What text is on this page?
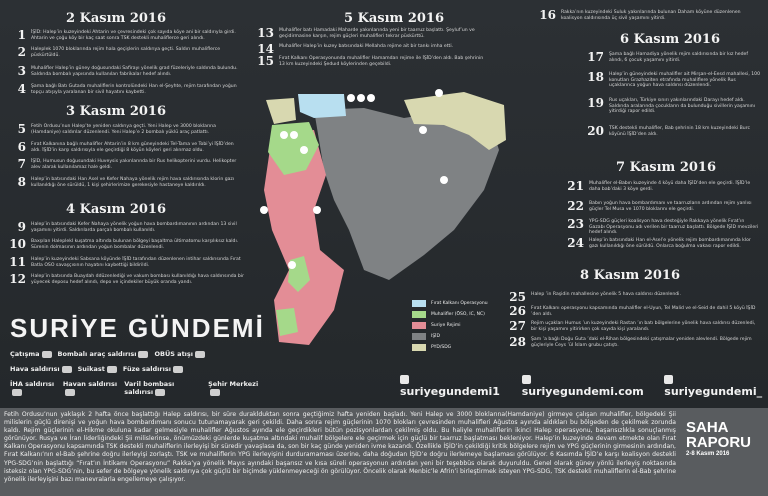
2 Kasım 2016
1 İŞİD: Halep’in kuzeyindeki Ahtarin ve çevresindeki çok sayıda köye ani bir saldırıyla girdi. Ahtarin ve çoğu köy bir kaç saat sonra TSK destekli muhaliflerce geri alındı.
2 Haleplek 1070 bloklarında rejim hala geçişlerin saldırıya geçti. Saldırı muhaliflerce püskürtüldü.
3 Muhalifler Halep’in güney doğusundaki Safirayı yönelik grad füzeleriyle saldırıda bulundu. Saldırıda bombalı yapısında kullanılan fabrikalar hedef alındı.
4 Şama bağlı Batı Gutada muhaliflerin kontrolündeki Han el-Şeyhte, rejim tarafından yoğun topçu atışıyla yaralanan bir sivil hayatını kaybetti.
3 Kasım 2016
5 Fetih Ordusu’nun Halep’te yeniden saldırıya geçti. Yeni Halep ve 3000 bloklarına (Hamdaniye) saldırılar düzenlendi. Yeni Halep’e 2 bombalı yüklü araç patlattı.
6 Fırat Kalkanına bağlı muhalifler Ahtarin’in 8 km güneyindeki Tel-Tama ve Tobi’yi İŞİD’den aldı. İŞİD’in karşı saldırısıyla ele geçirdiği 8 köyün köyleri geri alınmaz oldu.
7 İŞİD, Humusun doğusundaki Huveysis yakınlarında bir Rus helikopterini vurdu. Helikopter alev alarak kullanılamaz hale geldi.
8 Halep’in batısındaki Han Asel ve Kefer Nahaya yönelik rejim hava saldırısında klorin gazı kullanıldığı öne sürüldü, 1 kişi şehirlerimize gerekesiyle hastaneye kaldırıldı.
4 Kasım 2016
9 Halep’in batısındaki Kefer Nahaya yönelik yoğun hava bombardımanının ardından 13 sivil yaşamını yitirdi. Saldırılarda parçalı bombalı kullanıldı.
10 Baxşılan Haleplekl kuşatma altında bulunan bölgeyi başaltma ültimatomu karşılıksız kaldı. Sürenin dolmasının ardından yoğun bombalar düzenlendi.
11 Halep’in kuzeyindeki Sabsana köyünde İŞİD tarafından düzenlenen intihar saldırısında Fırat Batla OSO savaşçısının hayatını kaybettiği bildirildi.
12 Halep’in batısında Buaydah ddüzenlediği ve vakum bombası kullanıldığı hava saldırısında bir yüyecek deposu hedef alındı, depo ve içindekiler büyük oranda yandı.
5 Kasım 2016
13 Muhalifler batı Hamadaki Maharde yakınlarında yeni bir taarruz başlattı. Şeyluf’un ve geçidirmasine karşın, rejim güçleri muhalifleri tekrar püskürttü.
14 Muhalifler Halep’in kuzey batısındaki Mellahda rejime ait bir tankı imha etti.
15 Fırat Kalkanı Operasyonunda muhalifler Hamamdan rejime ile İŞİD’den aldı. Bab şehrinin 13 km kuzeyindeki Şeduıd köylerinden geçebildi.
Fırat Kalkanı Operasyonu
Muhalifler (ÖSO, IC, NC)
Suriye Rejimi
IŞİD
PYD/SDG
16 Rakka’nın kuzeyindeki Suluk yakınlarında bulunan Daham köyüne düzenlenen koalisyon saldırısında üç sivil yaşamını yitirdi.
6 Kasım 2016
17 Şama bağlı Hamadiya yönelik rejim saldırısında bir kız hedef alındı, 6 çocuk yaşamını yitirdi.
18 Halep’in güneyindeki muhalifler ait Mirşan-el-Eesd mahallesi, 100 konutları Grazhaziten etrafında muhaliflere yönelik Rus uçaklarınca yoğun hava saldırısı düzenlendi.
19 Rus uçakları, Türkiye sınırı yakınlarındaki Darayı hedef aldı. Saldırıda aralarında çocukların da bulunduğu sivillerin yaşamını yitirdiği rapor edildi.
20 TSK destekli muhalifler, Bab şehrinin 18 km kuzeyindeki Burc köyünü İŞİD’den aldı.
7 Kasım 2016
21 Muhalifler el-Babın kuzeyinde 4 köyü daha İŞİD’den ele geçirdi. İŞİD’le daha bab’daki 3 köye gerdi.
22 Babın yoğun hava bombardımanı ve taarruzların ardından rejim yanlısı güçler Tel Musa ve 1070 bloklarını ele geçirdi.
23 YPG-SDG güçleri koalisyon hava desteğiyle Rakkaya yönelik Fırat’ın Gazabı Operasyonu adı verilen bir taarruz başlattı. Bölgede İŞİD mevzileri hedef alındı.
24 Halep’in batısındaki Han el-Asel’e yönelik rejim bombardımanında klor gazı kullanıldığı öne sürüldü. Onlarca boğulma vakası rapor edildi.
8 Kasım 2016
25 Halep ’in Raşidin mahallesine yönelik 5 hava saldırısı düzenlendi.
26 Fırat Kalkanı operasyonu kapsamında muhalifler el-Uyun, Tel Malid ve el-Seid de dahil 5 köyü İŞİD ’den aldı.
27 Rejim uçakları Humus ’un kuzeyindeki Rastan ’ın batı bölgelerine yönelik hava saldırısı düzenledi, bir kişi yaşamını yitirirken çok sayıda kişi yaralandı.
28 Şam ’a bağlı Doğu Guta ’daki el-Rihan bölgesindeki çatışmalar yeniden alevlendi. Bölgede rejim güçleriyle Ceys ’ül İslam grubu çatıştı.
SURİYE GÜNDEMİ
Çatışma	Bombalı araç saldırısı	OBÜS atışı
Hava saldırısı	Suikast	Füze saldırısı
İHA saldırısı	Havan saldırısı Varil bombası saldırısı
Şehir Merkezi
suriyegundemi1	suriyegundemi.com	suriyegundemi_

Fetih Ordusu’nun yaklaşık 2 hafta önce başlattığı Halep saldırısı, bir süre duraklduktan sonra geçtiğimiz hafta yeniden başladı. Yeni Halep ve 3000 bloklarına(Hamdaniye) girmeye çalışan muhalifler, bölgedeki Şii milislerin güçlü direnişi ve yoğun hava bombardımanı sonucu tutunamayarak geri çekildi. Daha sonra rejim güçlerinin 1070 blokları çevresinden muhalifleri Ağustos ayında aldıkları bu bölgeden de çekilmek zorunda kaldı. Rejim güçlerinin el-Hikme okuluna kadar gelmesiyle muhalifler Ağustos ayında ele geçirdikleri bütün pozisyonlardan çekilmiş oldu. Bu haliyle muhaliflerin ikinci Halep operasyonu, başarısızlıkla sonuçlanmış görünüyor. Rusya ve İran liderliğindeki Şii milislerinse, önümüzdeki günlerde kuşatma altındaki muhalif bölgelere ele geçirmek için güçlü bir taarruz başlatması bekleniyor. Halep’in kuzeyinde devam etmekte olan Fırat Kalkanı Operasyonu kapsamında TSK destekli muhaliflerin ilerleyişi bir süredir yavaşlasa da, son bir kaç günde yeniden ivme kazandı. Özellikle İŞİD’in çekildiği kritik bölgelere rejim ve YPG güçlerinin girmesinin ardından, Fırat Kalkanı’nın el-Bab şehrine doğru ilerleyişi zorlaştı. TSK ve muhaliflerin YPG ilerleyişini durduramaması üzerine, daha doğudan İŞİD’e doğru ilerlemeye başlaması görülüyor. 6 Kasımda İŞİD’e karşı koalisyon destekli YPG-SDG’nin başlattığı “Fırat’ın İntikamı Operasyonu” Rakka’ya yönelik Mayıs ayındaki başarısız ve kısa süreli operasyonun ardından yeni bir teşebbüs olarak duyuruldu. Genel olarak güney yönlü ilerleyiş noktasında isteksiz olan YPG-SDG’nin, bu sefer de bölgeye yönelik saldırıya çok güçlü bir biçimde yüklenmeyeceği ön görülüyor. Öncelik olarak Menbic’le Afrin’i birleştirmek isteyen YPG-SDG, TSK destekli muhaliflerin el-Bab şehrine yönelik ilerleyişini bazı manevralarla engellemeye çalışıyor.

SAHA
RAPORU
2-8 Kasım 2016
